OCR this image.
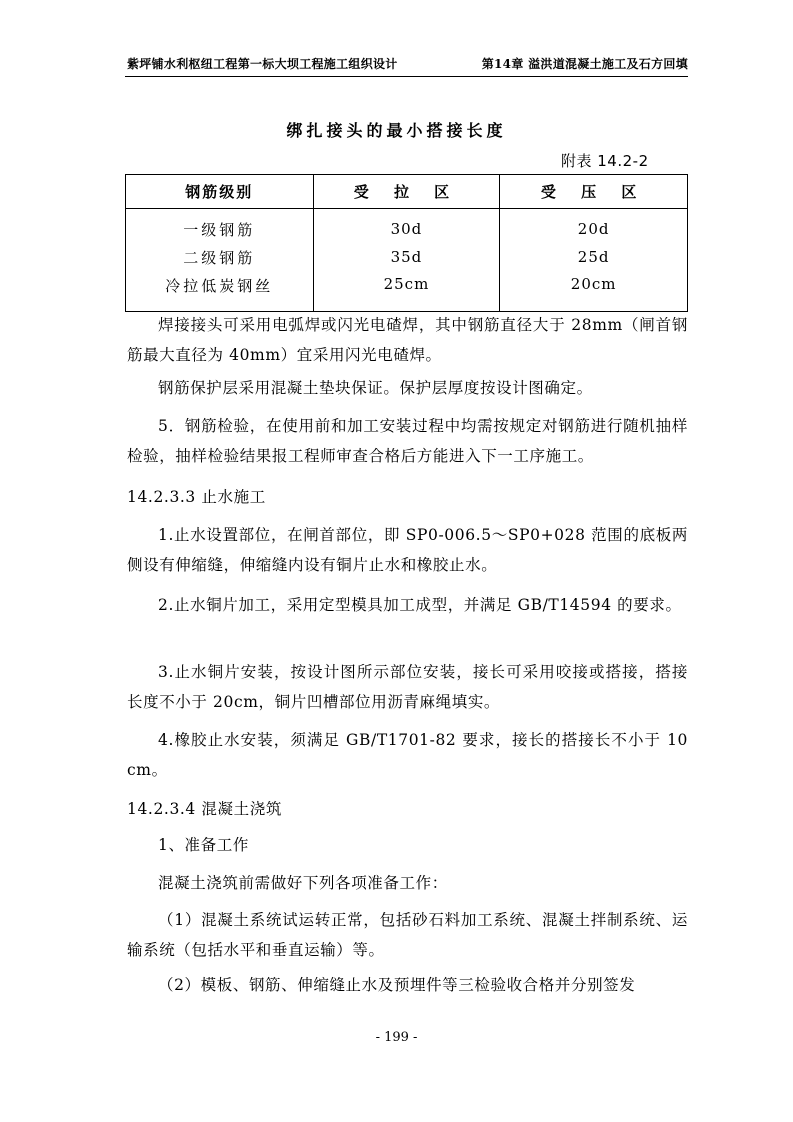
紫坪铺水利枢纽工程第一标大坝工程施工组织设计	第14章 溢洪道混凝土施工及石方回填
绑扎接头的最小搭接长度
附表 14.2-2
钢筋级别	受 拉 区	受 压 区
一级钢筋	30d	20d
二级钢筋	35d	25d
冷拉低炭钢丝	25cm	20cm

焊接接头可采用电弧焊或闪光电碴焊，其中钢筋直径大于 28mm（闸首钢筋最大直径为 40mm）宜采用闪光电碴焊。

钢筋保护层采用混凝土垫块保证。保护层厚度按设计图确定。

5．钢筋检验，在使用前和加工安装过程中均需按规定对钢筋进行随机抽样检验，抽样检验结果报工程师审查合格后方能进入下一工序施工。

14.2.3.3 止水施工

1.止水设置部位，在闸首部位，即 SP0-006.5～SP0+028 范围的底板两侧设有伸缩缝，伸缩缝内设有铜片止水和橡胶止水。

2.止水铜片加工，采用定型模具加工成型，并满足 GB/T14594 的要求。

3.止水铜片安装，按设计图所示部位安装，接长可采用咬接或搭接，搭接长度不小于 20cm，铜片凹槽部位用沥青麻绳填实。

4.橡胶止水安装，须满足 GB/T1701-82 要求，接长的搭接长不小于 10 cm。

14.2.3.4 混凝土浇筑

1、准备工作

混凝土浇筑前需做好下列各项准备工作：

（1）混凝土系统试运转正常，包括砂石料加工系统、混凝土拌制系统、运输系统（包括水平和垂直运输）等。

（2）模板、钢筋、伸缩缝止水及预埋件等三检验收合格并分别签发

- 199 -
